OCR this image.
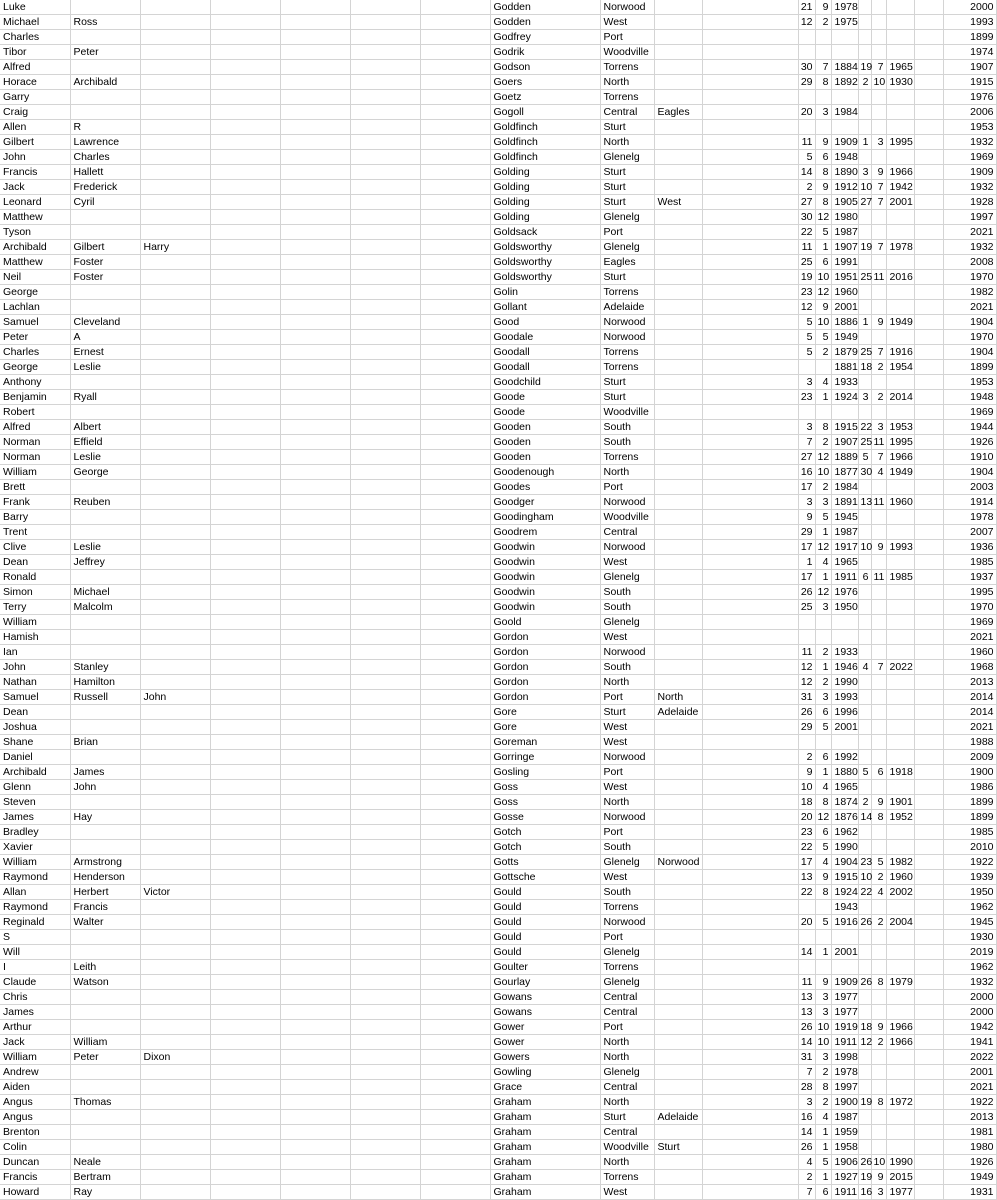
Luke							Godden	Norwood			21	9	1978					2000
Michael	Ross						Godden	West			12	2	1975					1993
Charles							Godfrey	Port										1899
Tibor	Peter						Godrik	Woodville										1974
Alfred							Godson	Torrens			30	7	1884	19	7	1965		1907
Horace	Archibald						Goers	North			29	8	1892	2	10	1930		1915
Garry							Goetz	Torrens										1976
Craig							Gogoll	Central	Eagles		20	3	1984					2006
Allen	R						Goldfinch	Sturt										1953
Gilbert	Lawrence						Goldfinch	North			11	9	1909	1	3	1995		1932
John	Charles						Goldfinch	Glenelg			5	6	1948					1969
Francis	Hallett						Golding	Sturt			14	8	1890	3	9	1966		1909
Jack	Frederick						Golding	Sturt			2	9	1912	10	7	1942		1932
Leonard	Cyril						Golding	Sturt	West		27	8	1905	27	7	2001		1928
Matthew							Golding	Glenelg			30	12	1980					1997
Tyson							Goldsack	Port			22	5	1987					2021
Archibald	Gilbert	Harry					Goldsworthy	Glenelg			11	1	1907	19	7	1978		1932
Matthew	Foster						Goldsworthy	Eagles			25	6	1991					2008
Neil	Foster						Goldsworthy	Sturt			19	10	1951	25	11	2016		1970
George							Golin	Torrens			23	12	1960					1982
Lachlan							Gollant	Adelaide			12	9	2001					2021
Samuel	Cleveland						Good	Norwood			5	10	1886	1	9	1949		1904
Peter	A						Goodale	Norwood			5	5	1949					1970
Charles	Ernest						Goodall	Torrens			5	2	1879	25	7	1916		1904
George	Leslie						Goodall	Torrens					1881	18	2	1954		1899
Anthony							Goodchild	Sturt			3	4	1933					1953
Benjamin	Ryall						Goode	Sturt			23	1	1924	3	2	2014		1948
Robert							Goode	Woodville										1969
Alfred	Albert						Gooden	South			3	8	1915	22	3	1953		1944
Norman	Effield						Gooden	South			7	2	1907	25	11	1995		1926
Norman	Leslie						Gooden	Torrens			27	12	1889	5	7	1966		1910
William	George						Goodenough	North			16	10	1877	30	4	1949		1904
Brett							Goodes	Port			17	2	1984					2003
Frank	Reuben						Goodger	Norwood			3	3	1891	13	11	1960		1914
Barry							Goodingham	Woodville			9	5	1945					1978
Trent							Goodrem	Central			29	1	1987					2007
Clive	Leslie						Goodwin	Norwood			17	12	1917	10	9	1993		1936
Dean	Jeffrey						Goodwin	West			1	4	1965					1985
Ronald							Goodwin	Glenelg			17	1	1911	6	11	1985		1937
Simon	Michael						Goodwin	South			26	12	1976					1995
Terry	Malcolm						Goodwin	South			25	3	1950					1970
William							Goold	Glenelg										1969
Hamish							Gordon	West										2021
Ian							Gordon	Norwood			11	2	1933					1960
John	Stanley						Gordon	South			12	1	1946	4	7	2022		1968
Nathan	Hamilton						Gordon	North			12	2	1990					2013
Samuel	Russell	John					Gordon	Port	North		31	3	1993					2014
Dean							Gore	Sturt	Adelaide		26	6	1996					2014
Joshua							Gore	West			29	5	2001					2021
Shane	Brian						Goreman	West										1988
Daniel							Gorringe	Norwood			2	6	1992					2009
Archibald	James						Gosling	Port			9	1	1880	5	6	1918		1900
Glenn	John						Goss	West			10	4	1965					1986
Steven							Goss	North			18	8	1874	2	9	1901		1899
James	Hay						Gosse	Norwood			20	12	1876	14	8	1952		1899
Bradley							Gotch	Port			23	6	1962					1985
Xavier							Gotch	South			22	5	1990					2010
William	Armstrong						Gotts	Glenelg	Norwood		17	4	1904	23	5	1982		1922
Raymond	Henderson						Gottsche	West			13	9	1915	10	2	1960		1939
Allan	Herbert	Victor					Gould	South			22	8	1924	22	4	2002		1950
Raymond	Francis						Gould	Torrens					1943					1962
Reginald	Walter						Gould	Norwood			20	5	1916	26	2	2004		1945
S							Gould	Port										1930
Will							Gould	Glenelg			14	1	2001					2019
I	Leith						Goulter	Torrens										1962
Claude	Watson						Gourlay	Glenelg			11	9	1909	26	8	1979		1932
Chris							Gowans	Central			13	3	1977					2000
James							Gowans	Central			13	3	1977					2000
Arthur							Gower	Port			26	10	1919	18	9	1966		1942
Jack	William						Gower	North			14	10	1911	12	2	1966		1941
William	Peter	Dixon					Gowers	North			31	3	1998					2022
Andrew							Gowling	Glenelg			7	2	1978					2001
Aiden							Grace	Central			28	8	1997					2021
Angus	Thomas						Graham	North			3	2	1900	19	8	1972		1922
Angus							Graham	Sturt	Adelaide		16	4	1987					2013
Brenton							Graham	Central			14	1	1959					1981
Colin							Graham	Woodville	Sturt		26	1	1958					1980
Duncan	Neale						Graham	North			4	5	1906	26	10	1990		1926
Francis	Bertram						Graham	Torrens			2	1	1927	19	9	2015		1949
Howard	Ray						Graham	West			7	6	1911	16	3	1977		1931
